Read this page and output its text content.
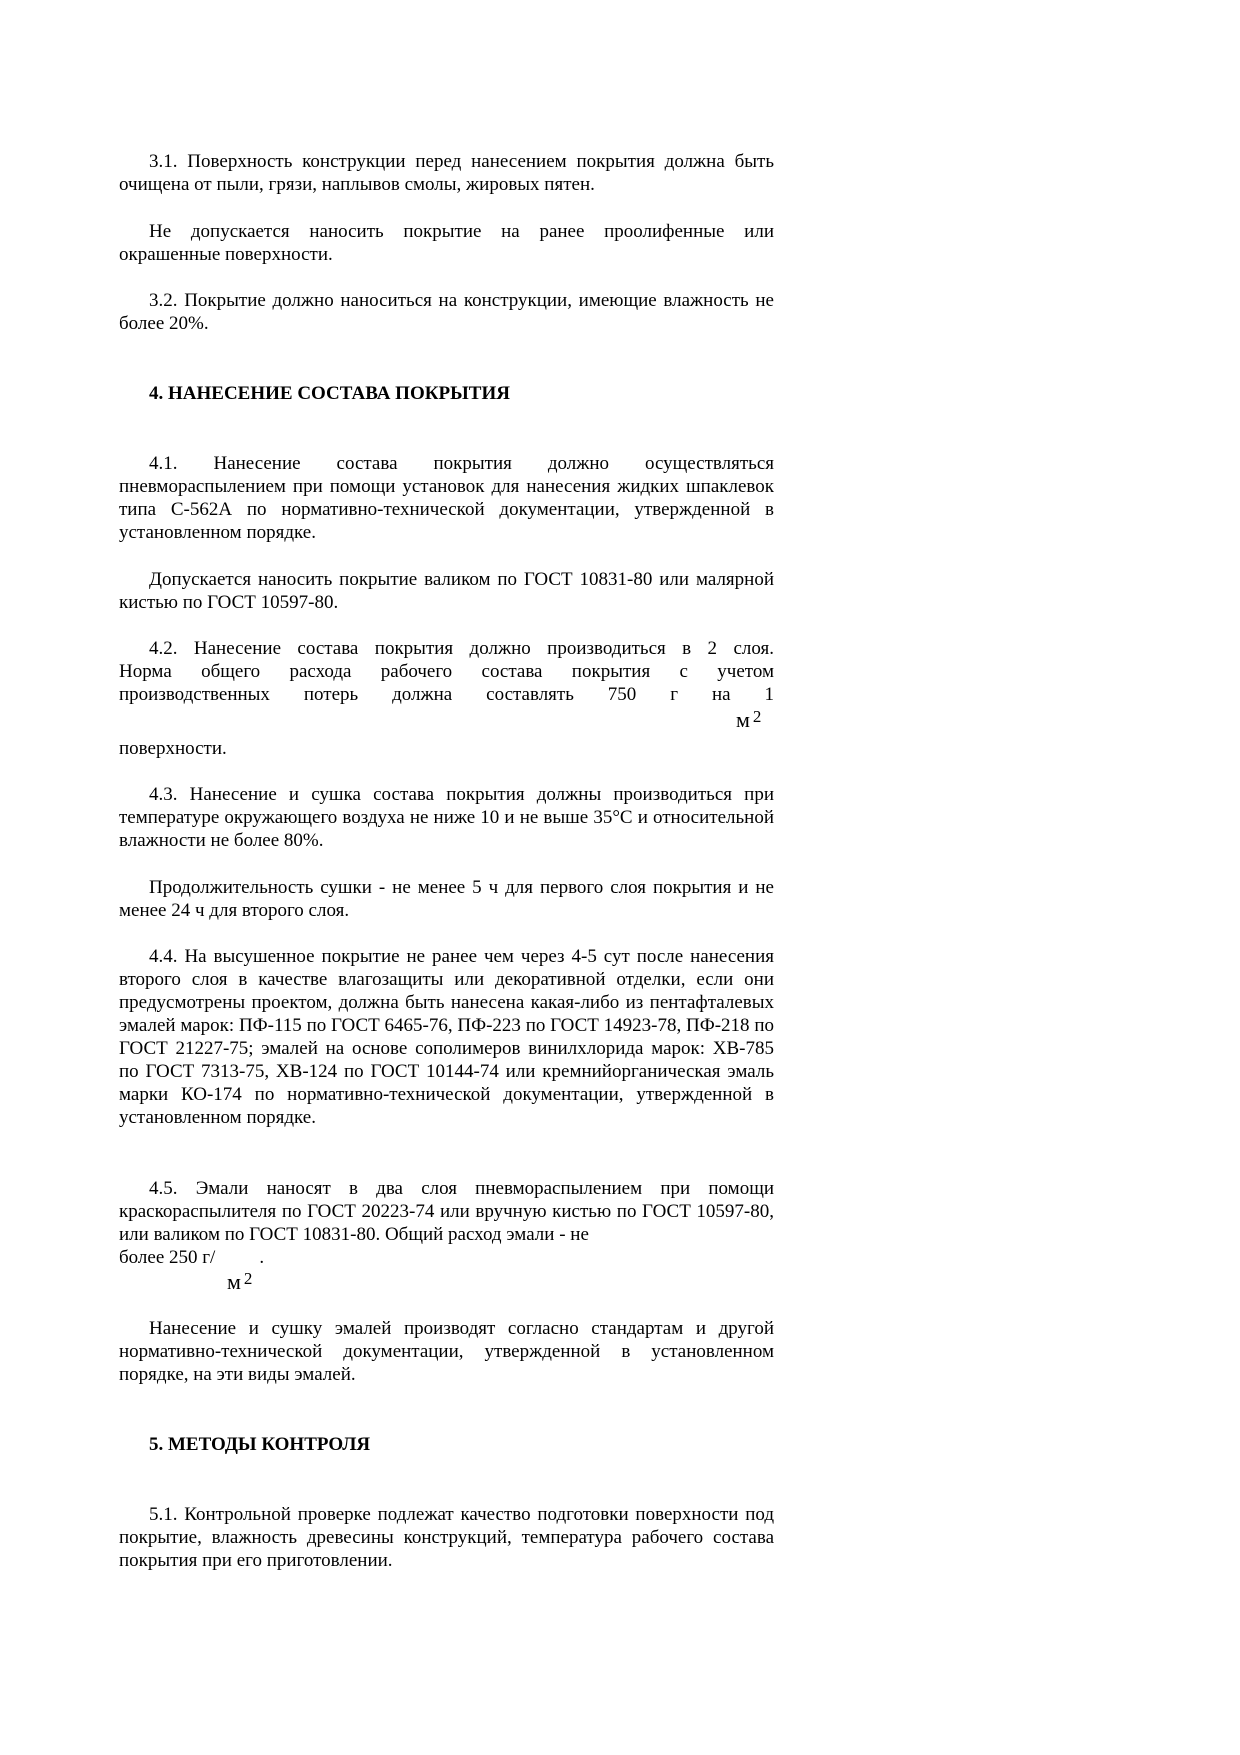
3.1. Поверхность конструкции перед нанесением покрытия должна быть очищена от пыли, грязи, наплывов смолы, жировых пятен.

Не допускается наносить покрытие на ранее проолифенные или окрашенные поверхности.

3.2. Покрытие должно наноситься на конструкции, имеющие влажность не более 20%.

4. НАНЕСЕНИЕ СОСТАВА ПОКРЫТИЯ

4.1. Нанесение состава покрытия должно осуществляться пневмораспылением при помощи установок для нанесения жидких шпаклевок типа С-562А по нормативно-технической документации, утвержденной в установленном порядке.

Допускается наносить покрытие валиком по ГОСТ 10831-80 или малярной кистью по ГОСТ 10597-80.

4.2. Нанесение состава покрытия должно производиться в 2 слоя.
Норма общего расхода рабочего состава покрытия с учетом
производственных потерь должна составлять 750 г на 1
м $^2$

поверхности.

4.3. Нанесение и сушка состава покрытия должны производиться при температуре окружающего воздуха не ниже 10 и не выше 35°С и относительной влажности не более 80%.

Продолжительность сушки - не менее 5 ч для первого слоя покрытия и не менее 24 ч для второго слоя.

4.4. На высушенное покрытие не ранее чем через 4-5 сут после нанесения второго слоя в качестве влагозащиты или декоративной отделки, если они предусмотрены проектом, должна быть нанесена какая-либо из пентафталевых эмалей марок: ПФ-115 по ГОСТ 6465-76, ПФ-223 по ГОСТ 14923-78, ПФ-218 по ГОСТ 21227-75; эмалей на основе сополимеров винилхлорида марок: ХВ-785 по ГОСТ 7313-75, ХВ-124 по ГОСТ 10144-74 или кремнийорганическая эмаль марки КО-174 по нормативно-технической документации, утвержденной в установленном порядке.

4.5. Эмали наносят в два слоя пневмораспылением при помощи краскораспылителя по ГОСТ 20223-74 или вручную кистью по ГОСТ 10597-80, или валиком по ГОСТ 10831-80. Общий расход эмали - не
более 250 г/ .
м $^2$

Нанесение и сушку эмалей производят согласно стандартам и другой нормативно-технической документации, утвержденной в установленном порядке, на эти виды эмалей.

5. МЕТОДЫ КОНТРОЛЯ

5.1. Контрольной проверке подлежат качество подготовки поверхности под покрытие, влажность древесины конструкций, температура рабочего состава покрытия при его приготовлении.
